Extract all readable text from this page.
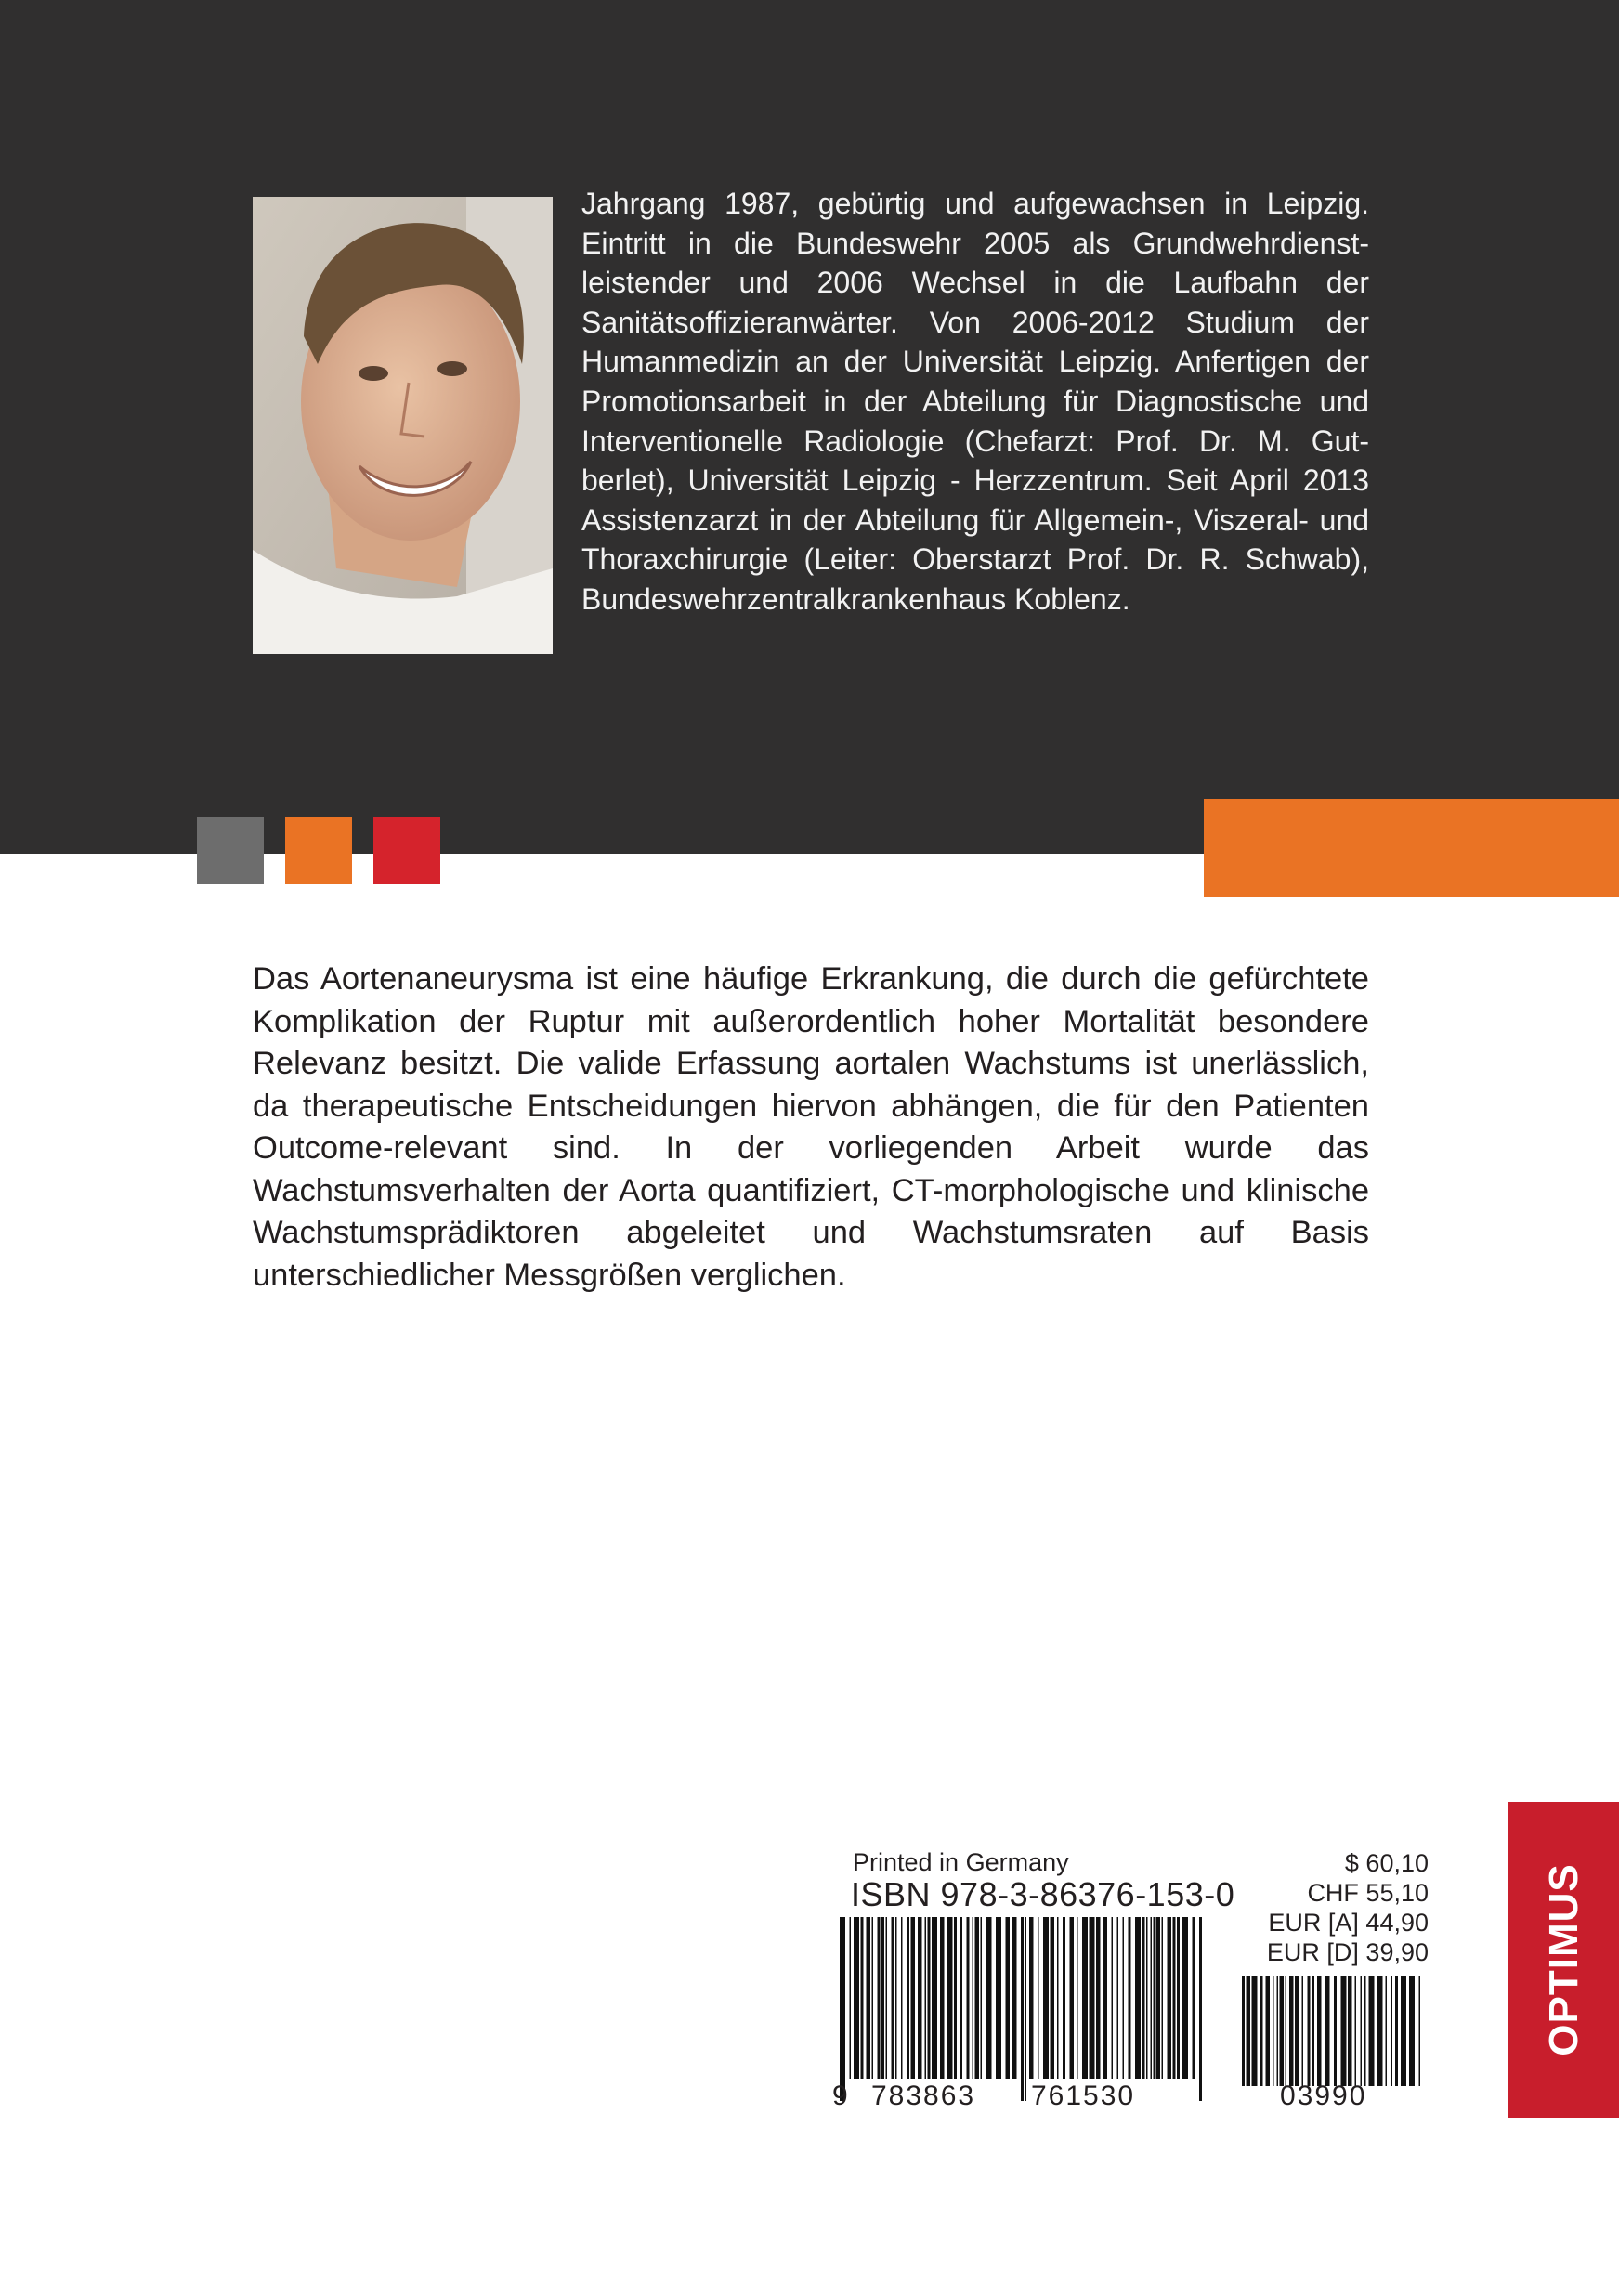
Jahrgang 1987, gebürtig und aufgewachsen in Leipzig. Eintritt in die Bundeswehr 2005 als Grundwehrdienstleistender und 2006 Wechsel in die Laufbahn der Sanitätsoffizieranwärter. Von 2006-2012 Studium der Humanmedizin an der Universität Leipzig. Anfertigen der Promotionsarbeit in der Abteilung für Diagnostische und Interventionelle Radiologie (Chefarzt: Prof. Dr. M. Gutberlet), Universität Leipzig - Herzzentrum. Seit April 2013 Assistenzarzt in der Abteilung für Allgemein-, Viszeral- und Thoraxchirurgie (Leiter: Oberstarzt Prof. Dr. R. Schwab), Bundeswehrzentralkrankenhaus Koblenz.
Das Aortenaneurysma ist eine häufige Erkrankung, die durch die gefürchtete Komplikation der Ruptur mit außerordentlich hoher Mortalität besondere Relevanz besitzt. Die valide Erfassung aortalen Wachstums ist unerlässlich, da therapeutische Entscheidungen hiervon abhängen, die für den Patienten Outcome-relevant sind. In der vorliegenden Arbeit wurde das Wachstumsverhalten der Aorta quantifiziert, CT-morphologische und klinische Wachstumsprädiktoren abgeleitet und Wachstumsraten auf Basis unterschiedlicher Messgrößen verglichen.
Printed in Germany
ISBN 978-3-86376-153-0
$ 60,10
CHF 55,10
EUR [A] 44,90
EUR [D] 39,90
9 783863 761530	03990
OPTIMUS
